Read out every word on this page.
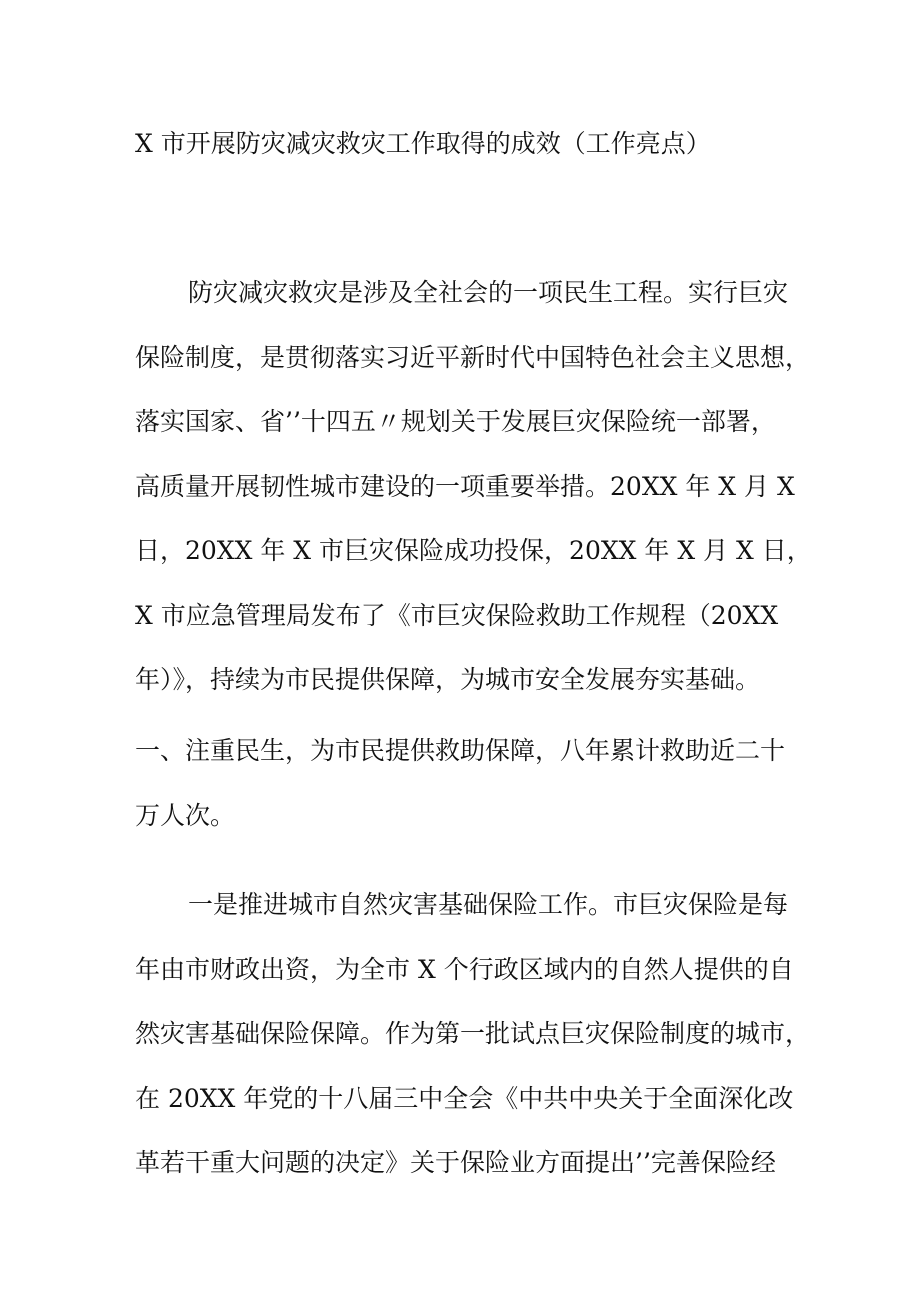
X 市开展防灾减灾救灾工作取得的成效（工作亮点）
防灾减灾救灾是涉及全社会的一项民生工程。实行巨灾
保险制度，是贯彻落实习近平新时代中国特色社会主义思想，
落实国家、省’’十四五〃规划关于发展巨灾保险统一部署，
高质量开展韧性城市建设的一项重要举措。20XX 年 X 月 X
日，20XX 年 X 市巨灾保险成功投保，20XX 年 X 月 X 日，
X 市应急管理局发布了《市巨灾保险救助工作规程（20XX
年）》，持续为市民提供保障，为城市安全发展夯实基础。
一、注重民生，为市民提供救助保障，八年累计救助近二十
万人次。
一是推进城市自然灾害基础保险工作。市巨灾保险是每
年由市财政出资，为全市 X 个行政区域内的自然人提供的自
然灾害基础保险保障。作为第一批试点巨灾保险制度的城市，
在 20XX 年党的十八届三中全会《中共中央关于全面深化改
革若干重大问题的决定》关于保险业方面提出’’完善保险经
